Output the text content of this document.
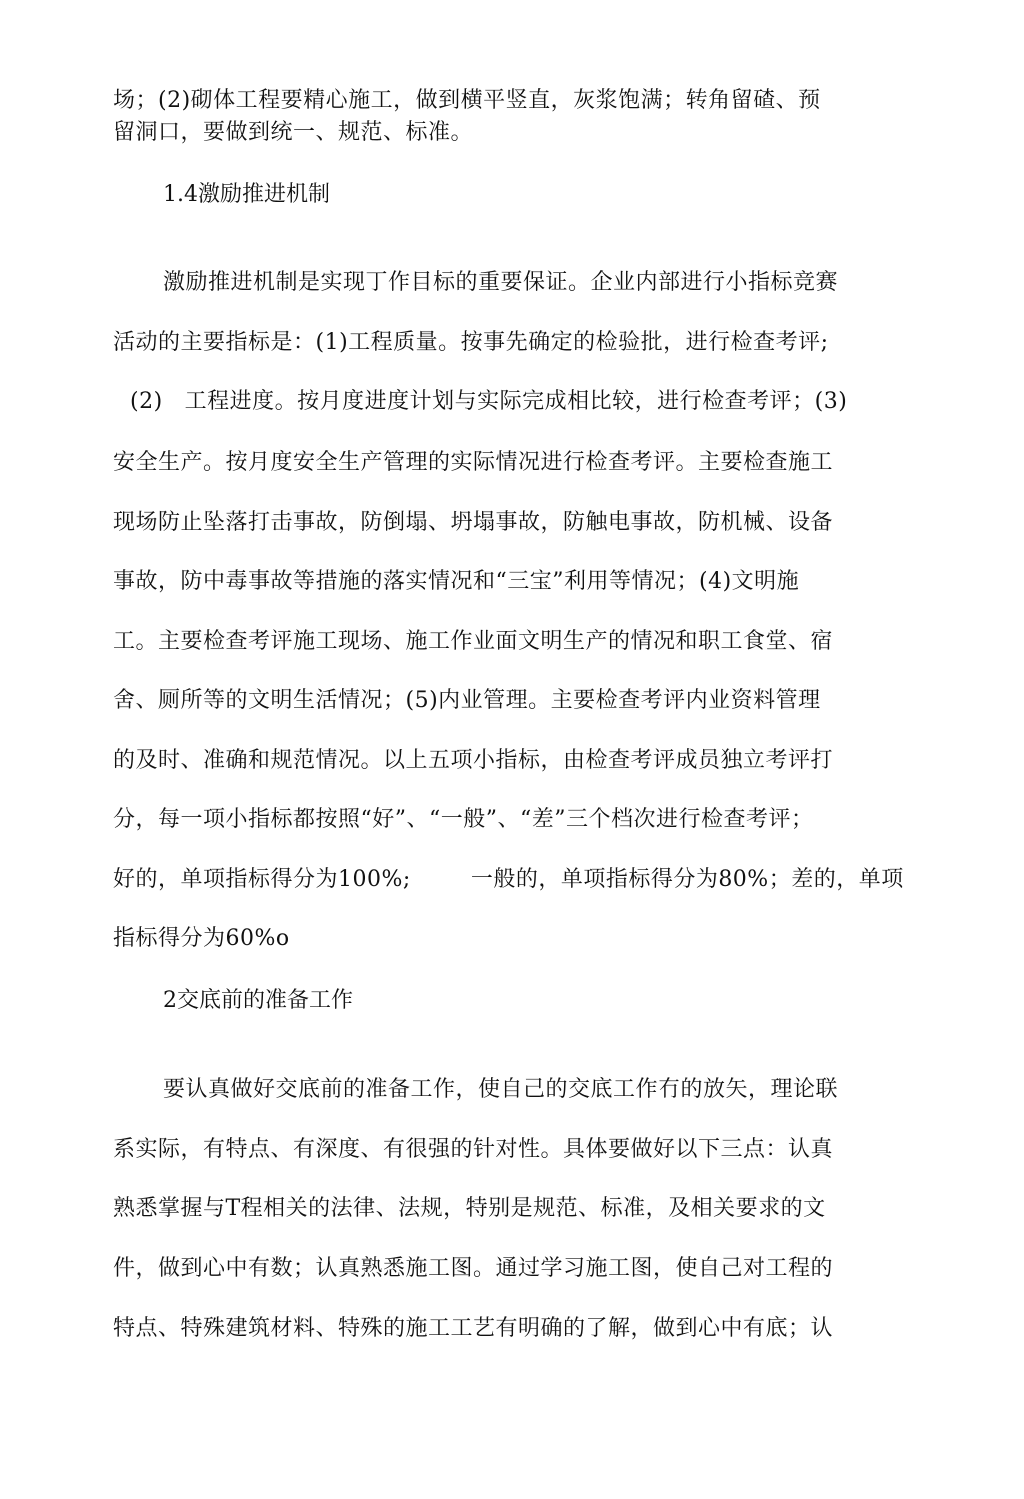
场；(2)砌体工程要精心施工，做到横平竖直，灰浆饱满；转角留碴、预
留洞口，要做到统一、规范、标准。
1.4激励推进机制
激励推进机制是实现丁作目标的重要保证。企业内部进行小指标竞赛
活动的主要指标是：(1)工程质量。按事先确定的检验批，进行检查考评;
(2) 工程进度。按月度进度计划与实际完成相比较，进行检查考评；(3)
安全生产。按月度安全生产管理的实际情况进行检查考评。主要检查施工
现场防止坠落打击事故，防倒塌、坍塌事故，防触电事故，防机械、设备
事故，防中毒事故等措施的落实情况和“三宝”利用等情况；(4)文明施
工。主要检查考评施工现场、施工作业面文明生产的情况和职工食堂、宿
舍、厕所等的文明生活情况；(5)内业管理。主要检查考评内业资料管理
的及时、准确和规范情况。以上五项小指标，由检查考评成员独立考评打
分，每一项小指标都按照“好”、“一般”、“差”三个档次进行检查考评；
好的，单项指标得分为100%;	一般的，单项指标得分为80%；差的，单项
指标得分为60%o
2交底前的准备工作
要认真做好交底前的准备工作，使自己的交底工作冇的放矢，理论联
系实际，有特点、有深度、有很强的针对性。具体要做好以下三点：认真
熟悉掌握与T程相关的法律、法规，特别是规范、标准，及相关要求的文
件，做到心中有数；认真熟悉施工图。通过学习施工图，使自己对工程的
特点、特殊建筑材料、特殊的施工工艺有明确的了解，做到心中有底；认
